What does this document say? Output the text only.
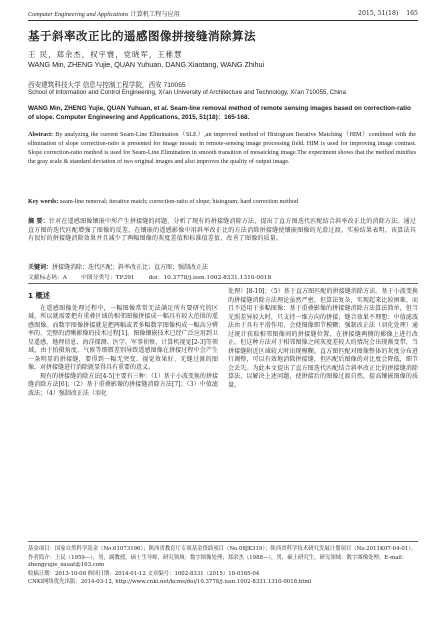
Computer Engineering and Applications 计算机工程与应用	2015, 51(18) 165
基于斜率改正比的遥感图像拼接缝消除算法
王 民，郑余杰，权宇寰，党晓军，王稚慧
WANG Min, ZHENG Yujie, QUAN Yuhuan, DANG Xiaotang, WANG Zhihui
西安建筑科技大学 信息与控制工程学院，西安 710055
School of Information and Control Engineering, Xi’an University of Architecture and Technology, Xi’an 710055, China
WANG Min, ZHENG Yujie, QUAN Yuhuan, et al. Seam-line removal method of remote sensing images based on correction-ratio of slope. Computer Engineering and Applications, 2015, 51(18)：165-168.
Abstract: By analyzing the current Seam-Line Elimination（SLE）,an improved method of Histogram Iterative Matching（HIM）combined with the elimination of slope correction-ratio is presented for image mosaic in remote-sensing image processing field. HIM is used for improving image contrast. Slope correction-ratio method is used for Seam-Line Elimination in smooth transition of mosaicking image.The experiment shows that the method minifies the gray scale & standard deviation of two original images and also improves the quality of output image.
Key words: seam-line removal; iterative match; correction-ratio of slope; histogram; hard correction method
摘 要：针对在遥感图像镶嵌中所产生拼接缝的问题，分析了现有的拼接缝消除方法，提出了直方图迭代匹配结合斜率改正比的消除方法。通过直方图的迭代匹配增强了图像的反差，在镶嵌的遥感影像中用斜率改正比的方法消除拼接缝使镶嵌图像的光滑过渡。实验结果表明，该算法具有很好的拼接缝消除效果并且减少了两幅图像的灰度差值和标准值差值，改善了图像的质量。
关键词：拼接缝消除；迭代匹配；斜率改正比；直方图；强制改正法
文献标志码：A 中图分类号：TP391 doi：10.3778/j.issn.1002-8331.1310-0018
1 概述

在遥感图像处理过程中，一幅图像常常无法满足所有要研究的区域，所以就需要把有重叠区域的相邻图像拼接成一幅具有较大范围的遥感图像。而数字图像拼接就是把两幅或者多幅数字图像构成一幅高分辨率的、完整的清晰影像的技术过程[1]。图像镶嵌技术已经广泛应用到卫星遥感、地理信息、海洋探测、医学、军事侦察、计算机视觉[2-3]等领域。由于拍摄角度、气候等细微差别导致遥感图像在拼接过程中会产生一条明显的拼接缝，要得到一幅无突变、视觉效果好、无缝过渡的图像，对拼接缝进行消除就显得具有重要的意义。

现有的拼接缝消除方法[4-5]主要有三种：（1）基于小波变换的拼接缝消除方法[6]；（2）基于重叠影像的拼接缝消除方法[7]；（3）中值滤波法；（4）强制改正法（羽化

处理）[8-10]；（5）基于直方图匹配的拼接缝消除方法。基于小波变换的拼接缝消除方法理论虽然严密，但算法复杂，实现起来比较困难，而且不适用于多幅图像；基于重叠影像的拼接缝消除方法算法简单，但当光照差异较大时，只支持一维方向的拼接，缝合效果不理想；中值滤波法由于具有平滑作用，会使图像细节模糊；强制改正法（羽化处理）通过统计获取相邻图像间的拼接缝位置，在拼接缝两侧的影像上进行改正。但这种方法对于相邻图像之间灰度差较大的情况会出现渐变带，当拼接缝附近区域较大时出现模糊。直方图匹配对图像整体的灰度分布进行调整，可以有效地消除拼接缝，但匹配后图像的对比度会降低，细节会丢失。为此本文提出了直方图迭代匹配结合斜率改正比的拼接缝消除算法，以解决上述问题，使拼接后的图像过渡自然，提高镶嵌图像的质量。

基金项目：国家自然科学基金（No.61073196）；陕西省教育厅专项基金资助项目（No.08JK319）；陕西省科学技术研究发展计划项目（No.2011K07-04-01）。
作者简介：王民（1959—），男，副教授，硕士生导师，研究领域：数字图像处理；郑余杰（1988—），男，硕士研究生，研究领域：数字图像处理。E-mail：zhengyujie_xauat@163.com
收稿日期：2013-10-08 修回日期：2014-01-12 文章编号：1002-8331（2015）18-0165-04
CNKI网络优先出版：2014-03-12, http://www.cnki.net/kcms/doi/10.3778/j.issn.1002-8331.1310-0018.html
